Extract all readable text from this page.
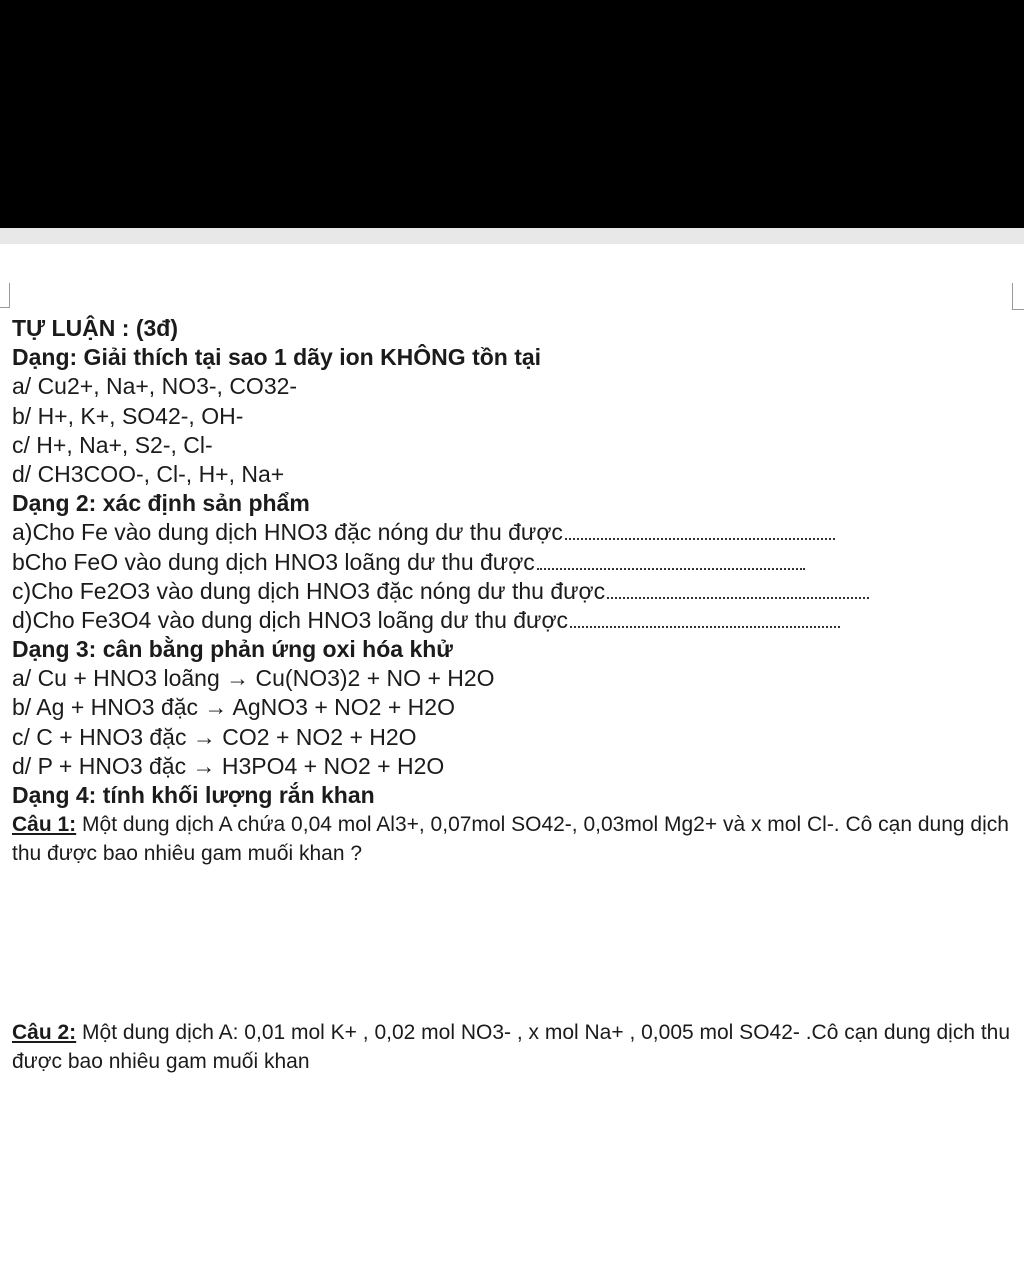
TỰ LUẬN : (3đ)
Dạng: Giải thích tại sao 1 dãy ion KHÔNG tồn tại
a/ Cu2+, Na+, NO3-, CO32-
b/ H+, K+, SO42-, OH-
c/ H+, Na+, S2-, Cl-
d/ CH3COO-, Cl-, H+, Na+
Dạng 2: xác định sản phẩm
a)Cho Fe vào dung dịch HNO3 đặc nóng dư thu được
bCho FeO vào dung dịch HNO3 loãng dư thu được
c)Cho Fe2O3 vào dung dịch HNO3 đặc nóng dư thu được
d)Cho Fe3O4 vào dung dịch HNO3 loãng dư thu được
Dạng 3: cân bằng phản ứng oxi hóa khử
a/ Cu + HNO3 loãng → Cu(NO3)2 + NO + H2O
b/ Ag + HNO3 đặc → AgNO3 + NO2 + H2O
c/ C + HNO3 đặc → CO2 + NO2 + H2O
d/ P + HNO3 đặc → H3PO4 + NO2 + H2O
Dạng 4: tính khối lượng rắn khan
Câu 1: Một dung dịch A chứa 0,04 mol Al3+, 0,07mol SO42-, 0,03mol Mg2+ và x mol Cl-. Cô cạn dung dịch thu được bao nhiêu gam muối khan ?
Câu 2: Một dung dịch A: 0,01 mol K+ , 0,02 mol NO3- , x mol Na+ , 0,005 mol SO42- .Cô cạn dung dịch thu được bao nhiêu gam muối khan
